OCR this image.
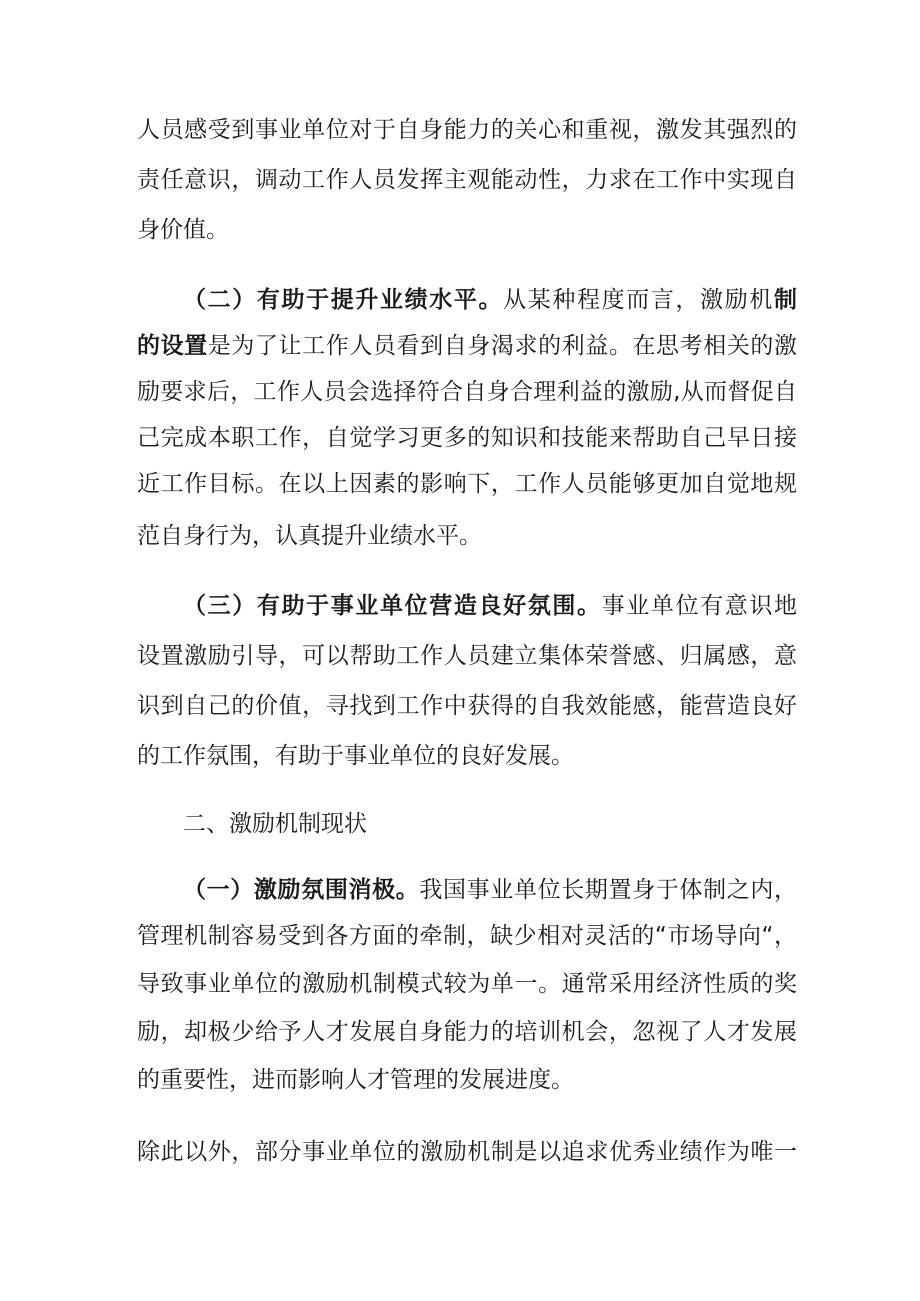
人员感受到事业单位对于自身能力的关心和重视，激发其强烈的
责任意识，调动工作人员发挥主观能动性，力求在工作中实现自
身价值。
（二）有助于提升业绩水平。从某种程度而言，激励机制
的设置是为了让工作人员看到自身渴求的利益。在思考相关的激
励要求后，工作人员会选择符合自身合理利益的激励,从而督促自
己完成本职工作，自觉学习更多的知识和技能来帮助自己早日接
近工作目标。在以上因素的影响下，工作人员能够更加自觉地规
范自身行为，认真提升业绩水平。
（三）有助于事业单位营造良好氛围。事业单位有意识地
设置激励引导，可以帮助工作人员建立集体荣誉感、归属感，意
识到自己的价值，寻找到工作中获得的自我效能感，能营造良好
的工作氛围，有助于事业单位的良好发展。
二、激励机制现状
（一）激励氛围消极。我国事业单位长期置身于体制之内，
管理机制容易受到各方面的牵制，缺少相对灵活的“市场导向“，
导致事业单位的激励机制模式较为单一。通常采用经济性质的奖
励，却极少给予人才发展自身能力的培训机会，忽视了人才发展
的重要性，进而影响人才管理的发展进度。
除此以外，部分事业单位的激励机制是以追求优秀业绩作为唯一
